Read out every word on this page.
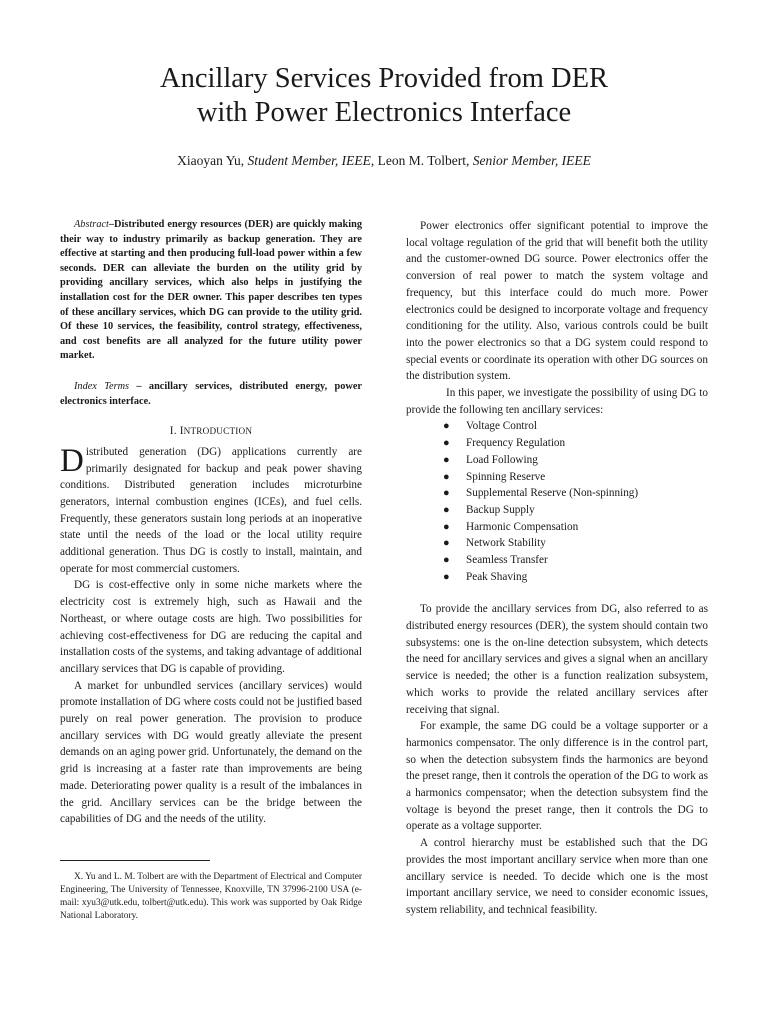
Ancillary Services Provided from DER
with Power Electronics Interface
Xiaoyan Yu, Student Member, IEEE, Leon M. Tolbert, Senior Member, IEEE

Abstract–Distributed energy resources (DER) are quickly making their way to industry primarily as backup generation. They are effective at starting and then producing full-load power within a few seconds. DER can alleviate the burden on the utility grid by providing ancillary services, which also helps in justifying the installation cost for the DER owner. This paper describes ten types of these ancillary services, which DG can provide to the utility grid. Of these 10 services, the feasibility, control strategy, effectiveness, and cost benefits are all analyzed for the future utility power market.

Index Terms – ancillary services, distributed energy, power electronics interface.

I. INTRODUCTION

Distributed generation (DG) applications currently are primarily designated for backup and peak power shaving conditions. Distributed generation includes microturbine generators, internal combustion engines (ICEs), and fuel cells. Frequently, these generators sustain long periods at an inoperative state until the needs of the load or the local utility require additional generation. Thus DG is costly to install, maintain, and operate for most commercial customers.

DG is cost-effective only in some niche markets where the electricity cost is extremely high, such as Hawaii and the Northeast, or where outage costs are high. Two possibilities for achieving cost-effectiveness for DG are reducing the capital and installation costs of the systems, and taking advantage of additional ancillary services that DG is capable of providing.

A market for unbundled services (ancillary services) would promote installation of DG where costs could not be justified based purely on real power generation. The provision to produce ancillary services with DG would greatly alleviate the present demands on an aging power grid. Unfortunately, the demand on the grid is increasing at a faster rate than improvements are being made. Deteriorating power quality is a result of the imbalances in the grid. Ancillary services can be the bridge between the capabilities of DG and the needs of the utility.

X. Yu and L. M. Tolbert are with the Department of Electrical and Computer Engineering, The University of Tennessee, Knoxville, TN 37996-2100 USA (e-mail: xyu3@utk.edu, tolbert@utk.edu). This work was supported by Oak Ridge National Laboratory.

Power electronics offer significant potential to improve the local voltage regulation of the grid that will benefit both the utility and the customer-owned DG source. Power electronics offer the conversion of real power to match the system voltage and frequency, but this interface could do much more. Power electronics could be designed to incorporate voltage and frequency conditioning for the utility. Also, various controls could be built into the power electronics so that a DG system could respond to special events or coordinate its operation with other DG sources on the distribution system.

In this paper, we investigate the possibility of using DG to provide the following ten ancillary services:

● Voltage Control
● Frequency Regulation
● Load Following
● Spinning Reserve
● Supplemental Reserve (Non-spinning)
● Backup Supply
● Harmonic Compensation
● Network Stability
● Seamless Transfer
● Peak Shaving

To provide the ancillary services from DG, also referred to as distributed energy resources (DER), the system should contain two subsystems: one is the on-line detection subsystem, which detects the need for ancillary services and gives a signal when an ancillary service is needed; the other is a function realization subsystem, which works to provide the related ancillary services after receiving that signal.

For example, the same DG could be a voltage supporter or a harmonics compensator. The only difference is in the control part, so when the detection subsystem finds the harmonics are beyond the preset range, then it controls the operation of the DG to work as a harmonics compensator; when the detection subsystem find the voltage is beyond the preset range, then it controls the DG to operate as a voltage supporter.

A control hierarchy must be established such that the DG provides the most important ancillary service when more than one ancillary service is needed. To decide which one is the most important ancillary service, we need to consider economic issues, system reliability, and technical feasibility.
